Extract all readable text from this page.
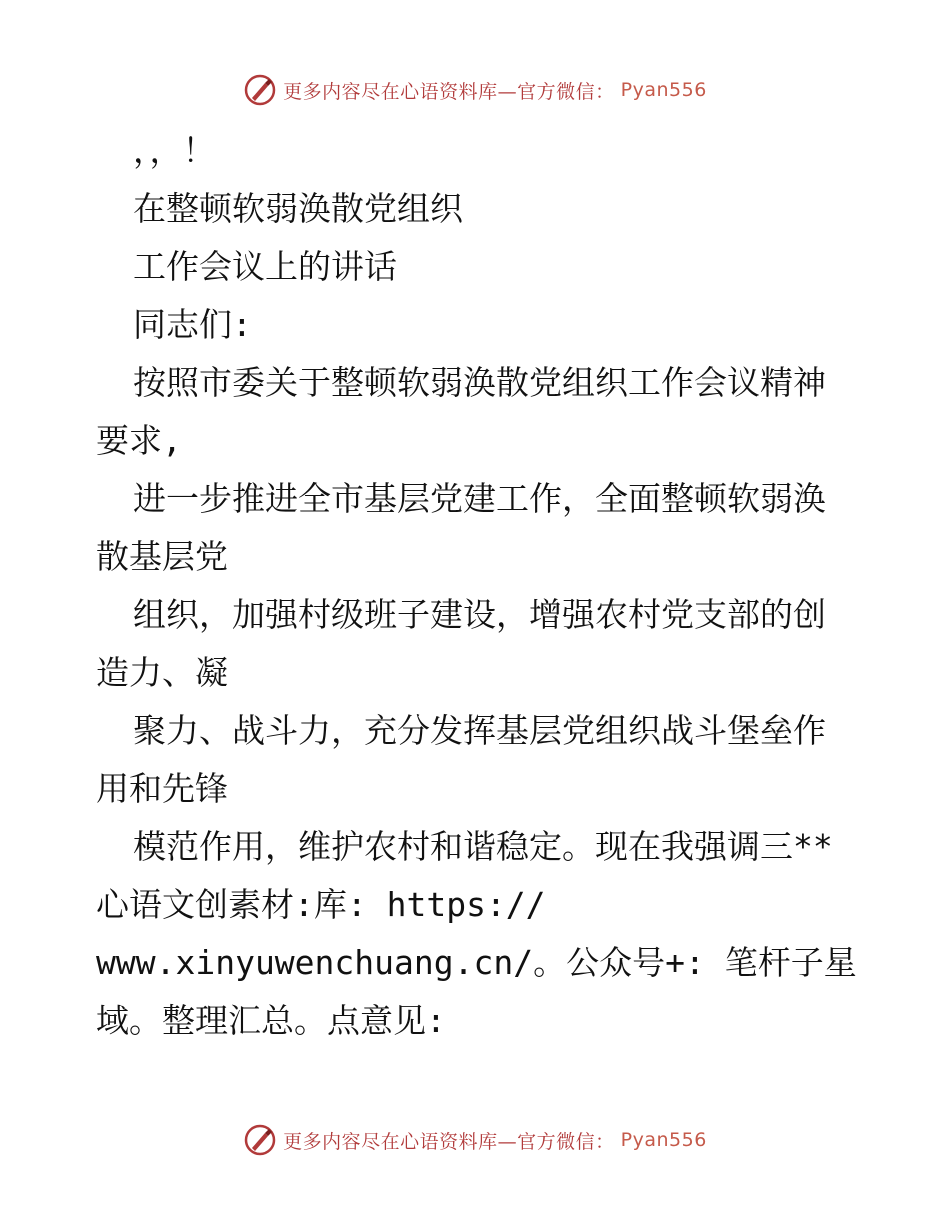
更多内容尽在心语资料库—官方微信： Pyan556
，，！
在整顿软弱涣散党组织
工作会议上的讲话
同志们:
按照市委关于整顿软弱涣散党组织工作会议精神
要求,
进一步推进全市基层党建工作，全面整顿软弱涣
散基层党
组织，加强村级班子建设，增强农村党支部的创
造力、凝
聚力、战斗力，充分发挥基层党组织战斗堡垒作
用和先锋
模范作用，维护农村和谐稳定。现在我强调三**
心语文创素材:库: https://
www.xinyuwenchuang.cn/。公众号+: 笔杆子星
域。整理汇总。点意见:
更多内容尽在心语资料库—官方微信： Pyan556
